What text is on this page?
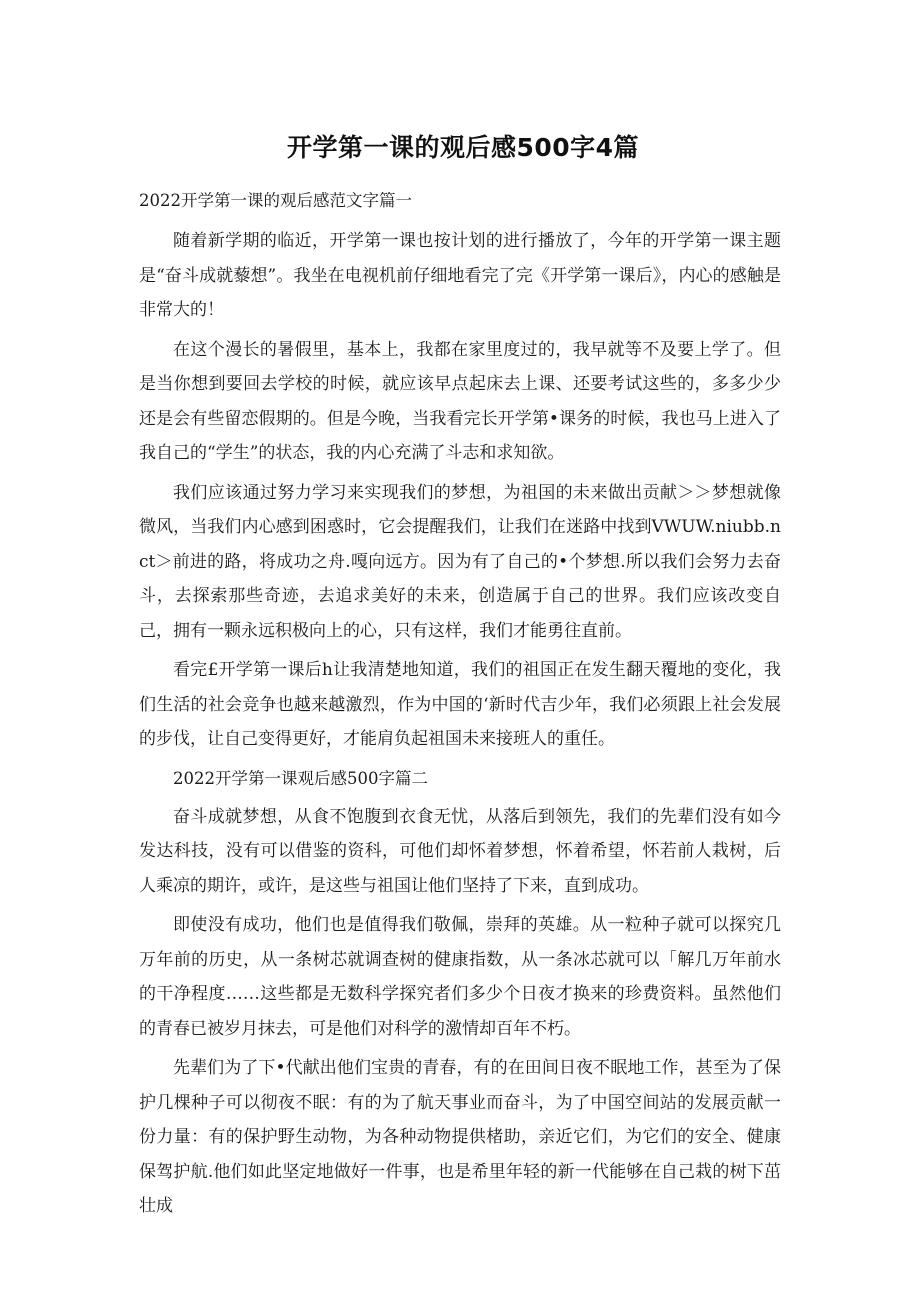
开学第一课的观后感500字4篇
2022开学第一课的观后感范文字篇一

随着新学期的临近，开学第一课也按计划的进行播放了，今年的开学第一课主题是“奋斗成就藜想”。我坐在电视机前仔细地看完了完《开学第一课后》，内心的感触是非常大的！

在这个漫长的暑假里，基本上，我都在家里度过的，我早就等不及要上学了。但是当你想到要回去学校的时候，就应该早点起床去上课、还要考试这些的，多多少少还是会有些留恋假期的。但是今晚，当我看完长开学第•课务的时候，我也马上进入了我自己的“学生”的状态，我的内心充满了斗志和求知欲。

我们应该通过努力学习来实现我们的梦想，为祖国的未来做出贡献＞＞梦想就像微风，当我们内心感到困惑时，它会提醒我们，让我们在迷路中找到VWUW.niubb.nct＞前进的路，将成功之舟.嘎向远方。因为有了自己的•个梦想.所以我们会努力去奋斗，去探索那些奇迹，去追求美好的未来，创造属于自己的世界。我们应该改变自己，拥有一颗永远积极向上的心，只有这样，我们才能勇往直前。

看完£开学第一课后h让我清楚地知道，我们的祖国正在发生翻天覆地的变化，我们生活的社会竞争也越来越激烈，作为中国的‘新时代吉少年，我们必须跟上社会发展的步伐，让自己变得更好，才能肩负起祖国未来接班人的重任。

2022开学第一课观后感500字篇二

奋斗成就梦想，从食不饱腹到衣食无忧，从落后到领先，我们的先辈们没有如今发达科技，没有可以借鉴的资科，可他们却怀着梦想，怀着希望，怀若前人栽树，后人乘凉的期许，或许，是这些与祖国让他们坚持了下来，直到成功。

即使没有成功，他们也是值得我们敬佩，崇拜的英雄。从一粒种子就可以探究几万年前的历史，从一条树芯就调查树的健康指数，从一条冰芯就可以「解几万年前水的干净程度……这些都是无数科学探究者们多少个日夜才换来的珍费资料。虽然他们的青春已被岁月抹去，可是他们对科学的激情却百年不朽。

先辈们为了下•代献出他们宝贵的青春，有的在田间日夜不眠地工作，甚至为了保护几棵种子可以彻夜不眠：有的为了航天事业而奋斗，为了中国空间站的发展贡献一份力量：有的保护野生动物，为各种动物提供楮助，亲近它们，为它们的安全、健康保驾护航.他们如此坚定地做好一件事，也是希里年轻的新一代能够在自己栽的树下茁壮成
